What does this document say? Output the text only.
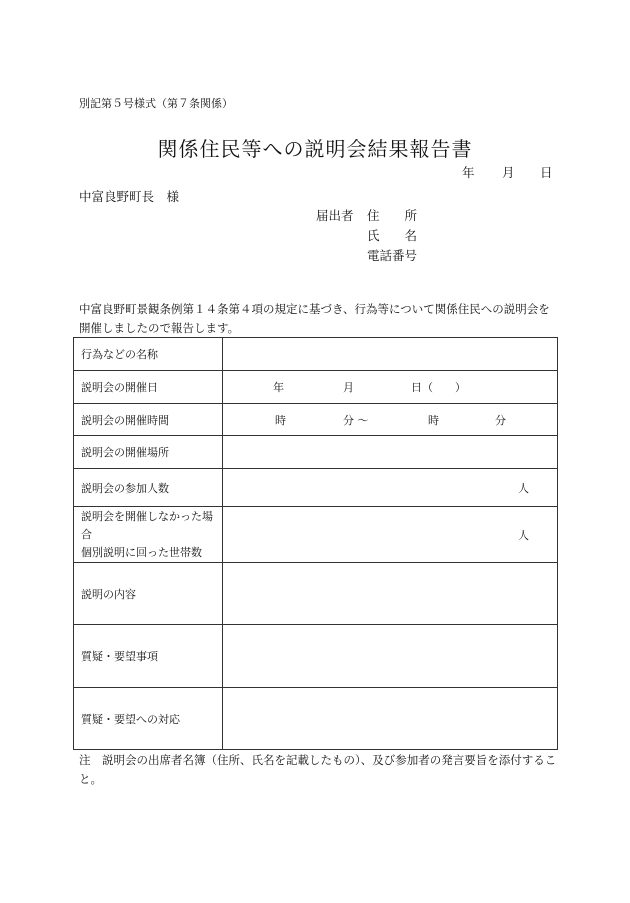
別記第５号様式（第７条関係）
関係住民等への説明会結果報告書
年 月 日
中富良野町長　様
届出者 住　　所
氏　　名
電話番号
中富良野町景観条例第１４条第４項の規定に基づき、行為等について関係住民への説明会を開催しましたので報告します。
行為などの名称	
説明会の開催日	年 月 日（　　）

説明会の開催時間	時 分 ～ 時 分

説明会の開催場所	
説明会の参加人数	人

説明会を開催しなかった場
合
個別説明に回った世帯数	人

説明の内容	
質疑・要望事項	
質疑・要望への対応	
注　説明会の出席者名簿（住所、氏名を記載したもの）、及び参加者の発言要旨を添付すること。
